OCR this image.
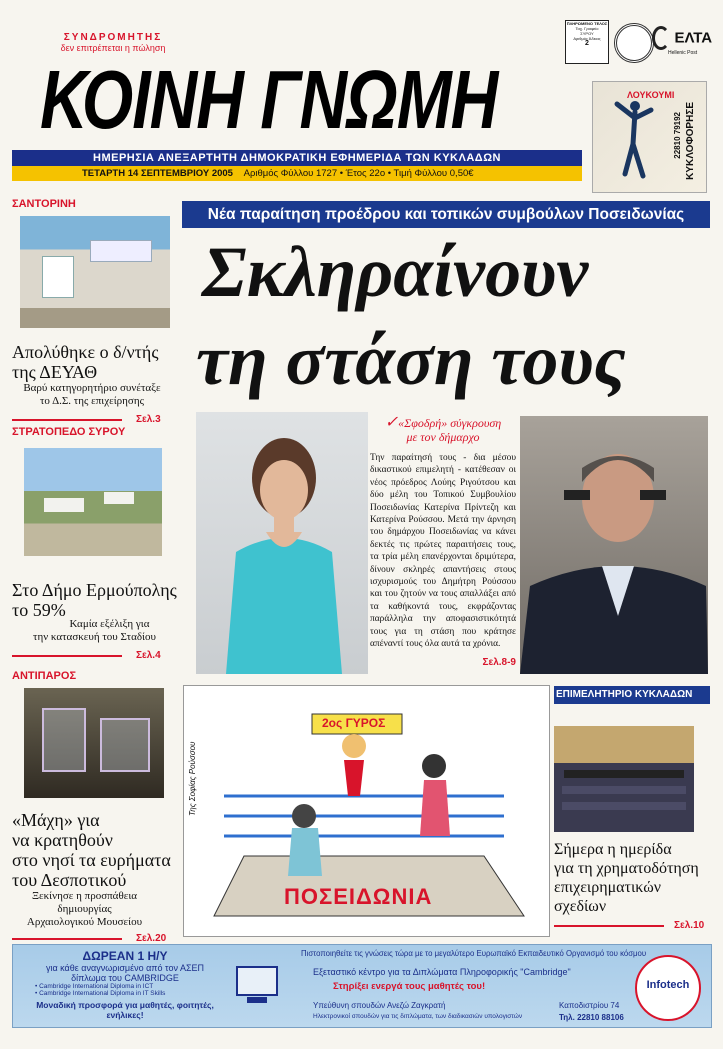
ΣΥΝΔΡΟΜΗΤΗΣ
δεν επιτρέπεται η πώληση
ΠΛΗΡΩΜΕΝΟ ΤΕΛΟΣ
Ταχ. Γραφείο
ΣΥΡΟΥ
Αριθμός Άδειας
2	ΕΛΤΑ
Hellenic Post
ΚΟΙΝΗ ΓΝΩΜΗ	ΛΟΥΚΟΥΜΙ
22810 79192 ΚΥΚΛΟΦΟΡΗΣΕ
ΗΜΕΡΗΣΙΑ ΑΝΕΞΑΡΤΗΤΗ ΔΗΜΟΚΡΑΤΙΚΗ ΕΦΗΜΕΡΙΔΑ ΤΩΝ ΚΥΚΛΑΔΩΝ
ΤΕΤΑΡΤΗ 14 ΣΕΠΤΕΜΒΡΙΟΥ 2005 Αριθμός Φύλλου 1727 • Έτος 22ο • Τιμή Φύλλου 0,50€
ΣΑΝΤΟΡΙΝΗ
Απολύθηκε ο δ/ντής
της ΔΕΥΑΘ
Βαρύ κατηγορητήριο συνέταξε
το Δ.Σ. της επιχείρησης
Σελ.3
ΣΤΡΑΤΟΠΕΔΟ ΣΥΡΟΥ
Στο Δήμο Ερμούπολης
το 59%
Καμία εξέλιξη για
την κατασκευή του Σταδίου
Σελ.4
ΑΝΤΙΠΑΡΟΣ
«Μάχη» για
να κρατηθούν
στο νησί τα ευρήματα
του Δεσποτικού
Ξεκίνησε η προσπάθεια
δημιουργίας
Αρχαιολογικού Μουσείου
Σελ.20
Νέα παραίτηση προέδρου και τοπικών συμβούλων Ποσειδωνίας
Σκληραίνουν
τη στάση τους
✓«Σφοδρή» σύγκρουση
με τον δήμαρχο
Την παραίτησή τους - δια μέσου δικαστικού επιμελητή - κατέθεσαν οι νέος πρόεδρος Λούης Ριγούτσου και δύο μέλη του Τοπικού Συμβουλίου Ποσειδωνίας Κατερίνα Πρίντεζη και Κατερίνα Ρούσσου. Μετά την άρνηση του δημάρχου Ποσειδωνίας να κάνει δεκτές τις πρώτες παραιτήσεις τους, τα τρία μέλη επανέρχονται δριμύτερα, δίνουν σκληρές απαντήσεις στους ισχυρισμούς του Δημήτρη Ρούσσου και του ζητούν να τους απαλλάξει από τα καθήκοντά τους, εκφράζοντας παράλληλα την αποφασιστικότητά τους για τη στάση που κράτησε απέναντί τους όλα αυτά τα χρόνια.
Σελ.8-9
Της Σοφίας Ρούσσου
2ος ΓΥΡΟΣ
ΠΟΣΕΙΔΩΝΙΑ
ΕΠΙΜΕΛΗΤΗΡΙΟ ΚΥΚΛΑΔΩΝ
Σήμερα η ημερίδα
για τη χρηματοδότηση
επιχειρηματικών
σχεδίων
Σελ.10
ΔΩΡΕΑΝ 1 Η/Υ
για κάθε αναγνωρισμένο από τον ΑΣΕΠ
δίπλωμα του CAMBRIDGE
• Cambridge International Diploma in ICT
• Cambridge International Diploma in IT Skills
Μοναδική προσφορά για μαθητές, φοιτητές, ενήλικες!
Πιστοποιηθείτε τις γνώσεις τώρα με το μεγαλύτερο Ευρωπαϊκό Εκπαιδευτικό Οργανισμό του κόσμου
Εξεταστικό κέντρο για τα Διπλώματα Πληροφορικής "Cambridge"
Στηρίξει ενεργά τους μαθητές του!
Υπεύθυνη σπουδών Ανεζώ Ζαγκρατή
Ηλεκτρονικοί σπουδών για τις διπλώματα, των διαδικασιών υπολογιστών
Καποδιστρίου 74
Τηλ. 22810 88106
Infotech
